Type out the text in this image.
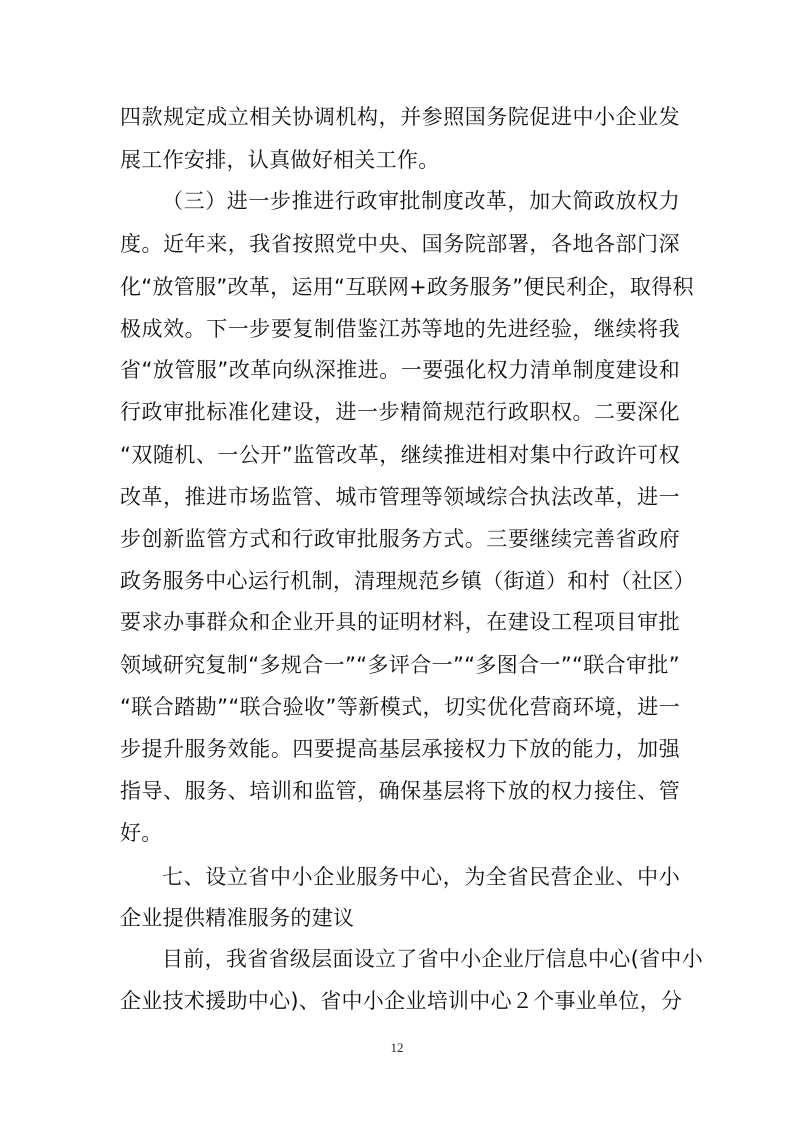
四款规定成立相关协调机构，并参照国务院促进中小企业发
展工作安排，认真做好相关工作。
（三）进一步推进行政审批制度改革，加大简政放权力
度。近年来，我省按照党中央、国务院部署，各地各部门深
化“放管服”改革，运用“互联网+政务服务”便民利企，取得积
极成效。下一步要复制借鉴江苏等地的先进经验，继续将我
省“放管服”改革向纵深推进。一要强化权力清单制度建设和
行政审批标准化建设，进一步精简规范行政职权。二要深化
“双随机、一公开”监管改革，继续推进相对集中行政许可权
改革，推进市场监管、城市管理等领域综合执法改革，进一
步创新监管方式和行政审批服务方式。三要继续完善省政府
政务服务中心运行机制，清理规范乡镇（街道）和村（社区）
要求办事群众和企业开具的证明材料，在建设工程项目审批
领域研究复制“多规合一”“多评合一”“多图合一”“联合审批”
“联合踏勘”“联合验收”等新模式，切实优化营商环境，进一
步提升服务效能。四要提高基层承接权力下放的能力，加强
指导、服务、培训和监管，确保基层将下放的权力接住、管
好。
七、设立省中小企业服务中心，为全省民营企业、中小
企业提供精准服务的建议
目前，我省省级层面设立了省中小企业厅信息中心(省中小
企业技术援助中心)、省中小企业培训中心２个事业单位，分
12
